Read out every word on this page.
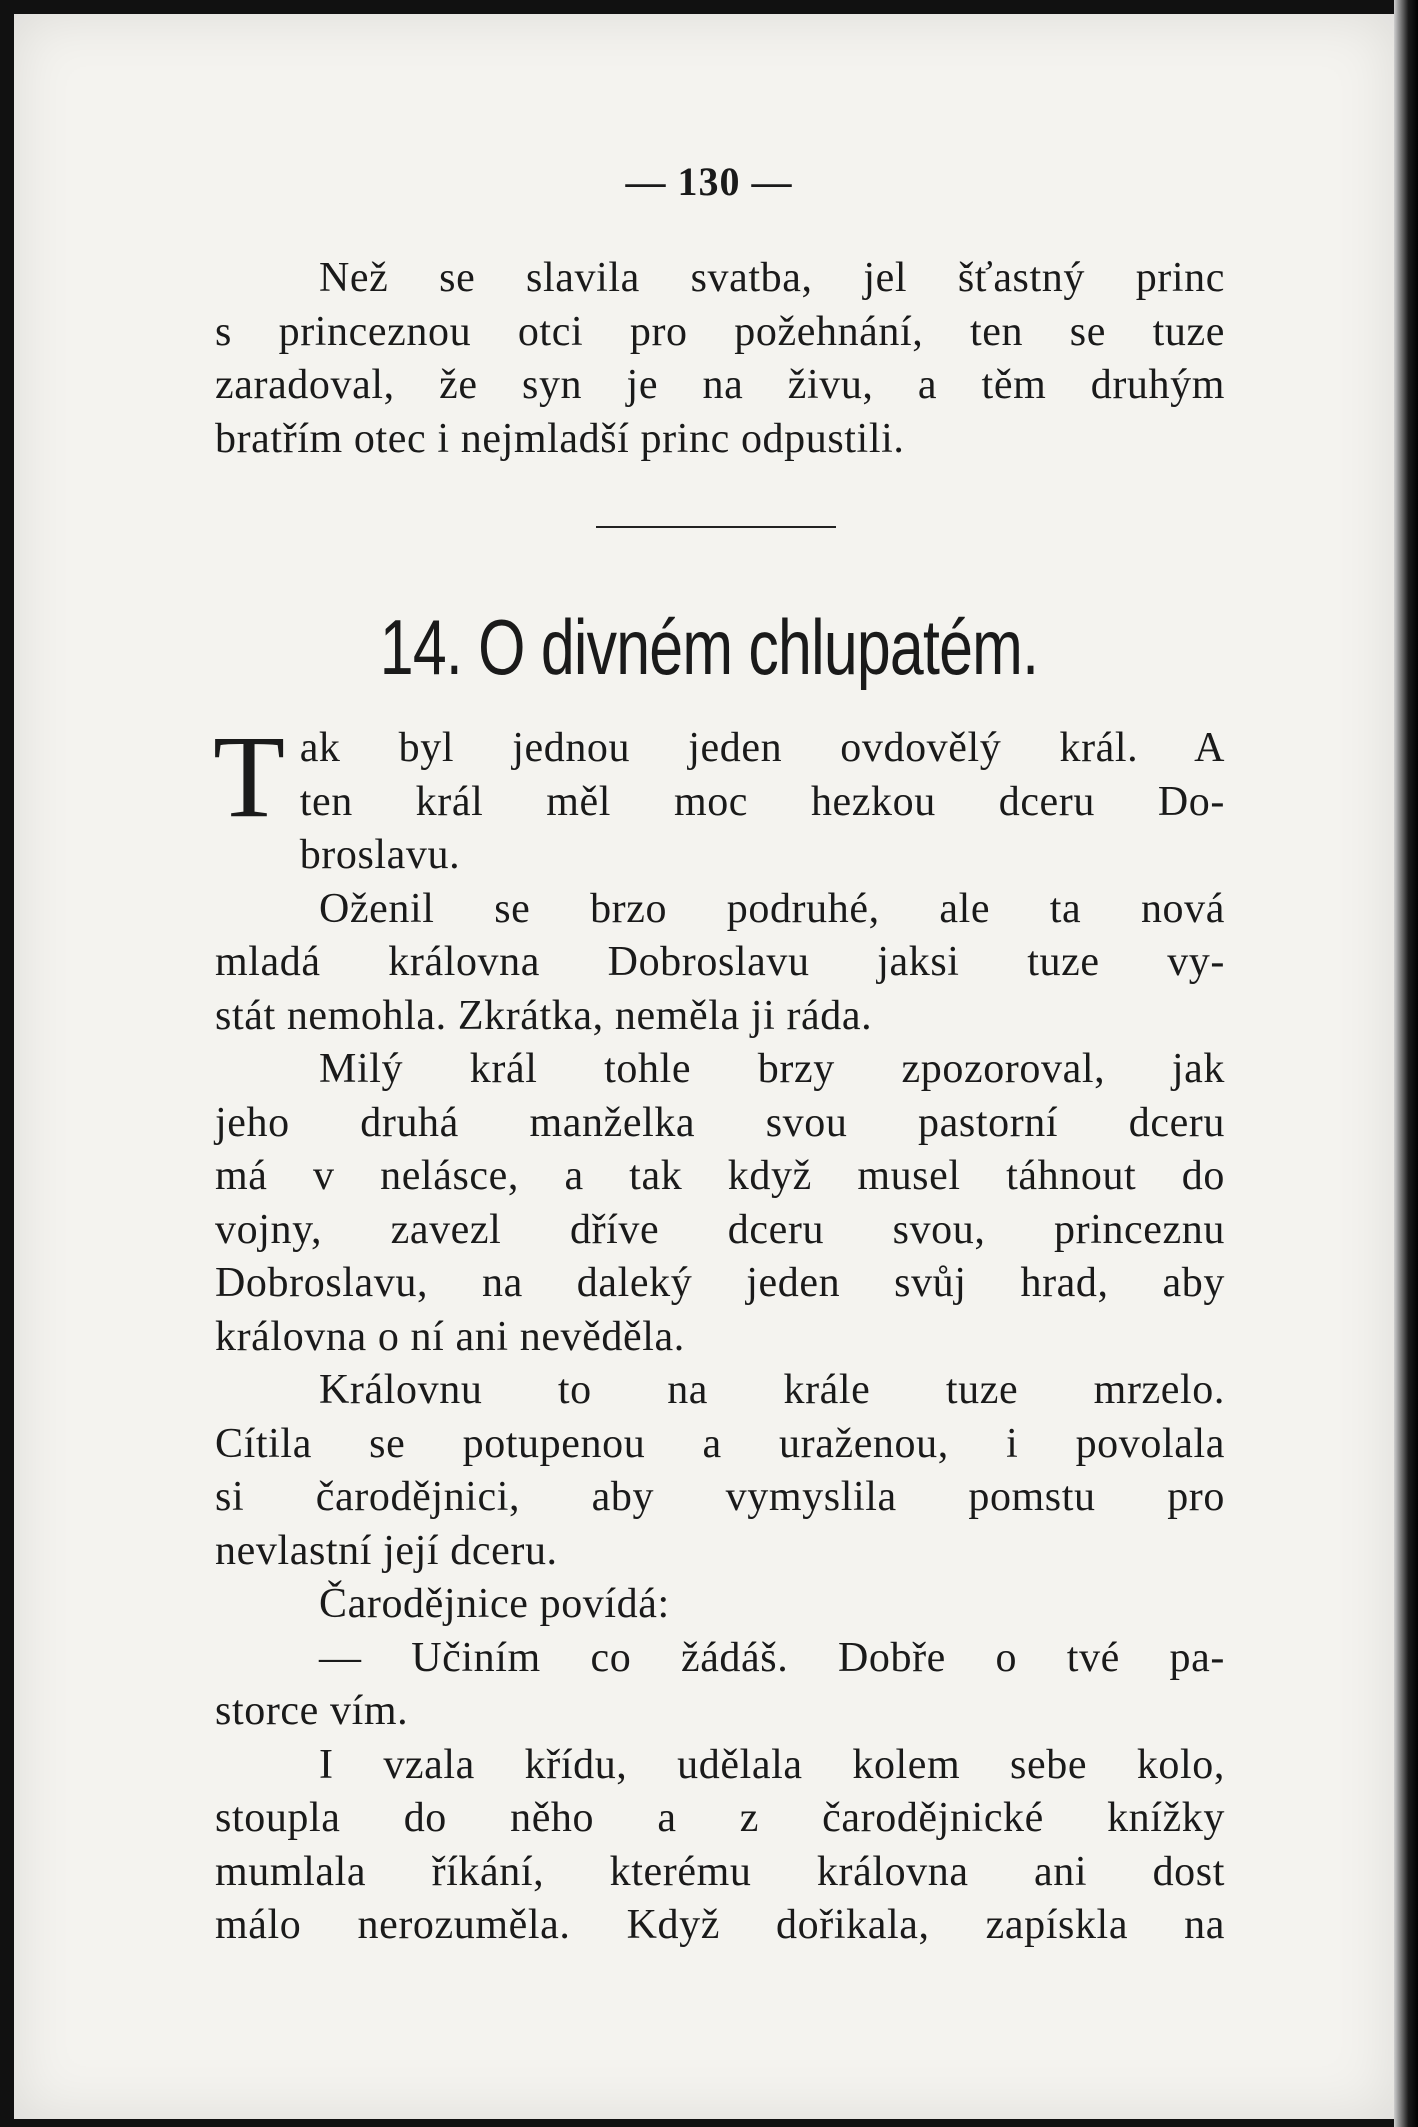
— 130 —
Než se slavila svatba, jel šťastný princ
s princeznou otci pro požehnání, ten se tuze
zaradoval, že syn je na živu, a těm druhým
bratřím otec i nejmladší princ odpustili.
14. O divném chlupatém.
T ak byl jednou jeden ovdovělý král. A
ten král měl moc hezkou dceru Do-
broslavu.
Oženil se brzo podruhé, ale ta nová
mladá královna Dobroslavu jaksi tuze vy-
stát nemohla. Zkrátka, neměla ji ráda.
Milý král tohle brzy zpozoroval, jak
jeho druhá manželka svou pastorní dceru
má v nelásce, a tak když musel táhnout do
vojny, zavezl dříve dceru svou, princeznu
Dobroslavu, na daleký jeden svůj hrad, aby
královna o ní ani nevěděla.
Královnu to na krále tuze mrzelo.
Cítila se potupenou a uraženou, i povolala
si čarodějnici, aby vymyslila pomstu pro
nevlastní její dceru.
Čarodějnice povídá:
— Učiním co žádáš. Dobře o tvé pa-
storce vím.
I vzala křídu, udělala kolem sebe kolo,
stoupla do něho a z čarodějnické knížky
mumlala říkání, kterému královna ani dost
málo nerozuměla. Když dořikala, zapískla na
